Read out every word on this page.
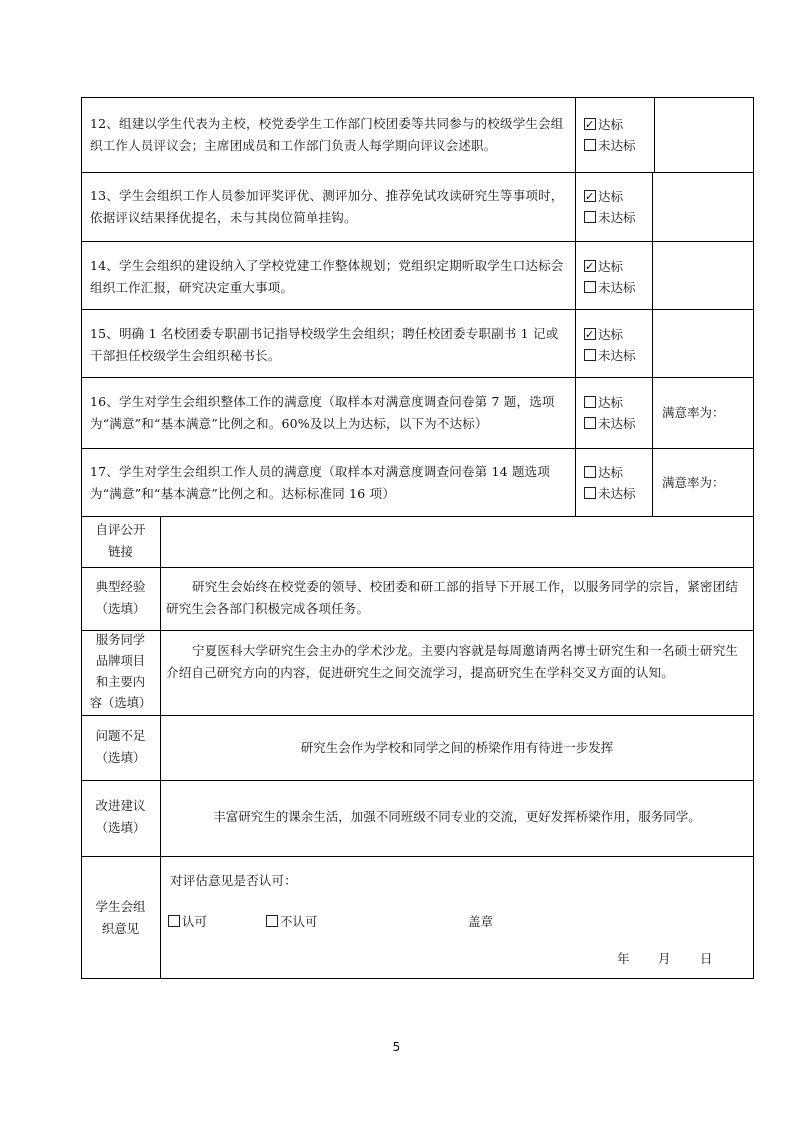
12、组建以学生代表为主校，校党委学生工作部门校团委等共同参与的校级学生会组织工作人员评议会；主席团成员和工作部门负责人每学期向评议会述职。
✓达标
未达标
13、学生会组织工作人员参加评奖评优、测评加分、推荐免试攻读研究生等事项时，依据评议结果择优提名，未与其岗位简单挂钩。
✓达标
未达标
14、学生会组织的建设纳入了学校党建工作整体规划；党组织定期听取学生口达标会组织工作汇报，研究决定重大事项。
✓达标
未达标
15、明确 1 名校团委专职副书记指导校级学生会组织；聘任校团委专职副书 1 记或干部担任校级学生会组织秘书长。
✓达标
未达标
16、学生对学生会组织整体工作的满意度（取样本对满意度调查问卷第 7 题，选项为“满意”和“基本满意”比例之和。60%及以上为达标，以下为不达标）
达标
未达标
满意率为：
17、学生对学生会组织工作人员的满意度（取样本对满意度调查问卷第 14 题选项为“满意”和“基本满意”比例之和。达标标准同 16 项）
达标
未达标
满意率为：
自评公开
链接
典型经验
（选填）
研究生会始终在校党委的领导、校团委和研工部的指导下开展工作，以服务同学的宗旨，紧密团结研究生会各部门积极完成各项任务。
服务同学
品牌项目
和主要内
容（选填）
宁夏医科大学研究生会主办的学术沙龙。主要内容就是每周邀请两名博士研究生和一名硕士研究生介绍自己研究方向的内容，促进研究生之间交流学习，提高研究生在学科交叉方面的认知。
问题不足
（选填）
研究生会作为学校和同学之间的桥梁作用有待进一步发挥
改进建议
（选填）
丰富研究生的课余生活，加强不同班级不同专业的交流，更好发挥桥梁作用，服务同学。
学生会组
织意见
对评估意见是否认可：
认可	不认可	盖章
年 月 日
5
